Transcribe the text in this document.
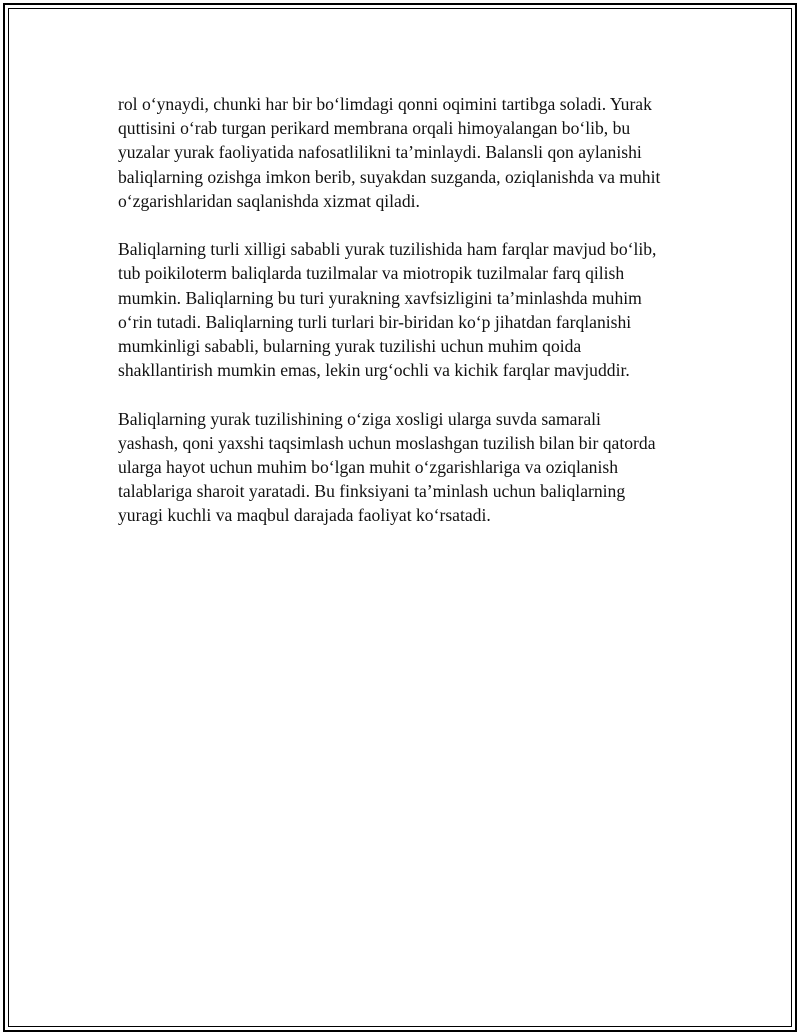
rol o‘ynaydi, chunki har bir bo‘limdagi qonni oqimini tartibga soladi. Yurak
quttisini o‘rab turgan perikard membrana orqali himoyalangan bo‘lib, bu
yuzalar yurak faoliyatida nafosatlilikni ta’minlaydi. Balansli qon aylanishi
baliqlarning ozishga imkon berib, suyakdan suzganda, oziqlanishda va muhit
o‘zgarishlaridan saqlanishda xizmat qiladi.

Baliqlarning turli xilligi sababli yurak tuzilishida ham farqlar mavjud bo‘lib,
tub poikiloterm baliqlarda tuzilmalar va miotropik tuzilmalar farq qilish
mumkin. Baliqlarning bu turi yurakning xavfsizligini ta’minlashda muhim
o‘rin tutadi. Baliqlarning turli turlari bir-biridan ko‘p jihatdan farqlanishi
mumkinligi sababli, bularning yurak tuzilishi uchun muhim qoida
shakllantirish mumkin emas, lekin urg‘ochli va kichik farqlar mavjuddir.

Baliqlarning yurak tuzilishining o‘ziga xosligi ularga suvda samarali
yashash, qoni yaxshi taqsimlash uchun moslashgan tuzilish bilan bir qatorda
ularga hayot uchun muhim bo‘lgan muhit o‘zgarishlariga va oziqlanish
talablariga sharoit yaratadi. Bu finksiyani ta’minlash uchun baliqlarning
yuragi kuchli va maqbul darajada faoliyat ko‘rsatadi.
